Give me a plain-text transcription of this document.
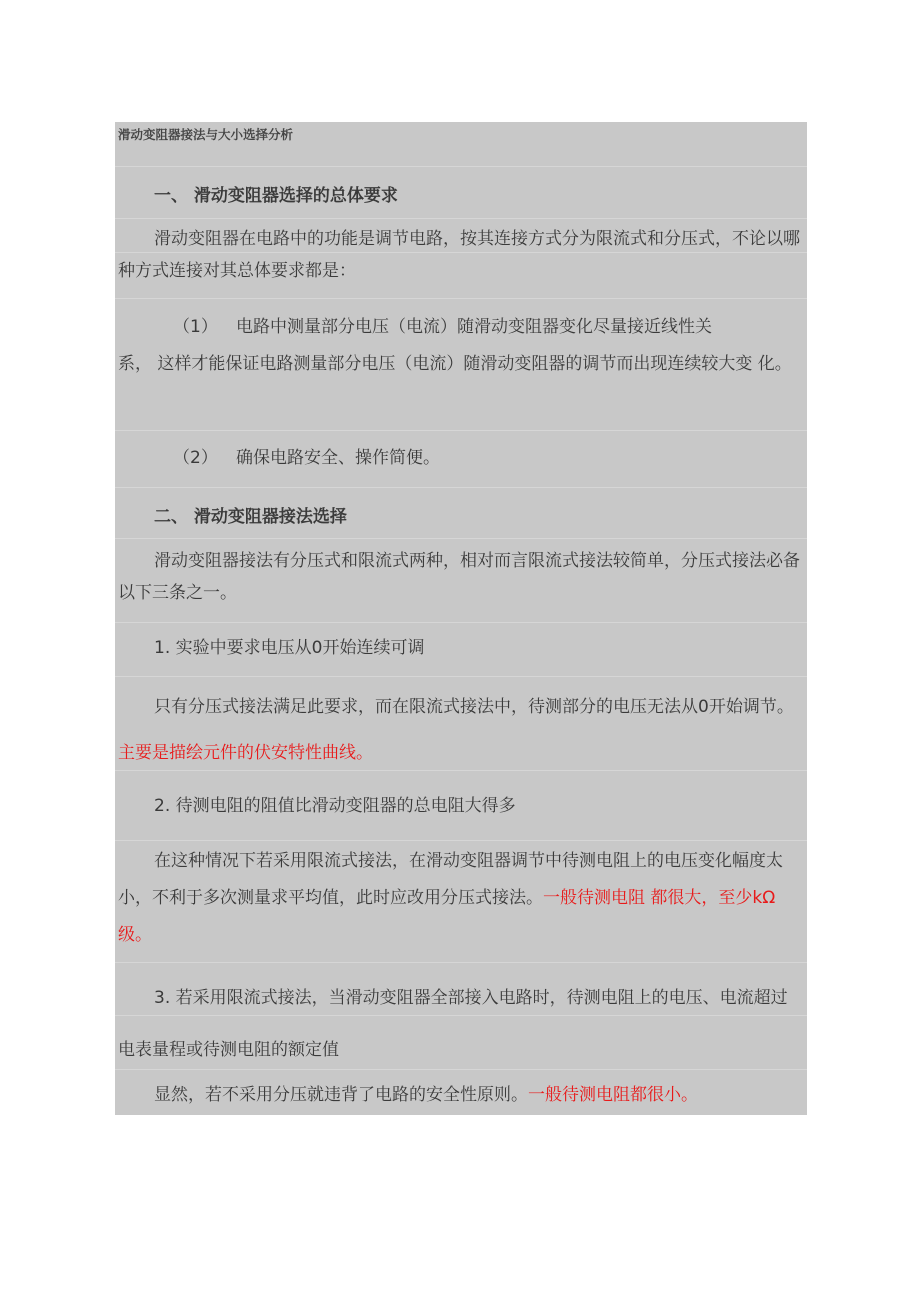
滑动变阻器接法与大小选择分析

一、 滑动变阻器选择的总体要求

滑动变阻器在电路中的功能是调节电路，按其连接方式分为限流式和分压式，不论以哪种方式连接对其总体要求都是：

（1） 电路中测量部分电压（电流）随滑动变阻器变化尽量接近线性关

系， 这样才能保证电路测量部分电压（电流）随滑动变阻器的调节而出现连续较大变 化。

（2） 确保电路安全、操作简便。

二、 滑动变阻器接法选择

滑动变阻器接法有分压式和限流式两种，相对而言限流式接法较简单，分压式接法必备以下三条之一。

1. 实验中要求电压从0开始连续可调

只有分压式接法满足此要求，而在限流式接法中，待测部分的电压无法从0开始调节。主要是描绘元件的伏安特性曲线。

2. 待测电阻的阻值比滑动变阻器的总电阻大得多

在这种情况下若采用限流式接法，在滑动变阻器调节中待测电阻上的电压变化幅度太小，不利于多次测量求平均值，此时应改用分压式接法。一般待测电阻 都很大，至少kΩ级。

3. 若采用限流式接法，当滑动变阻器全部接入电路时，待测电阻上的电压、电流超过电表量程或待测电阻的额定值

显然，若不采用分压就违背了电路的安全性原则。一般待测电阻都很小。
